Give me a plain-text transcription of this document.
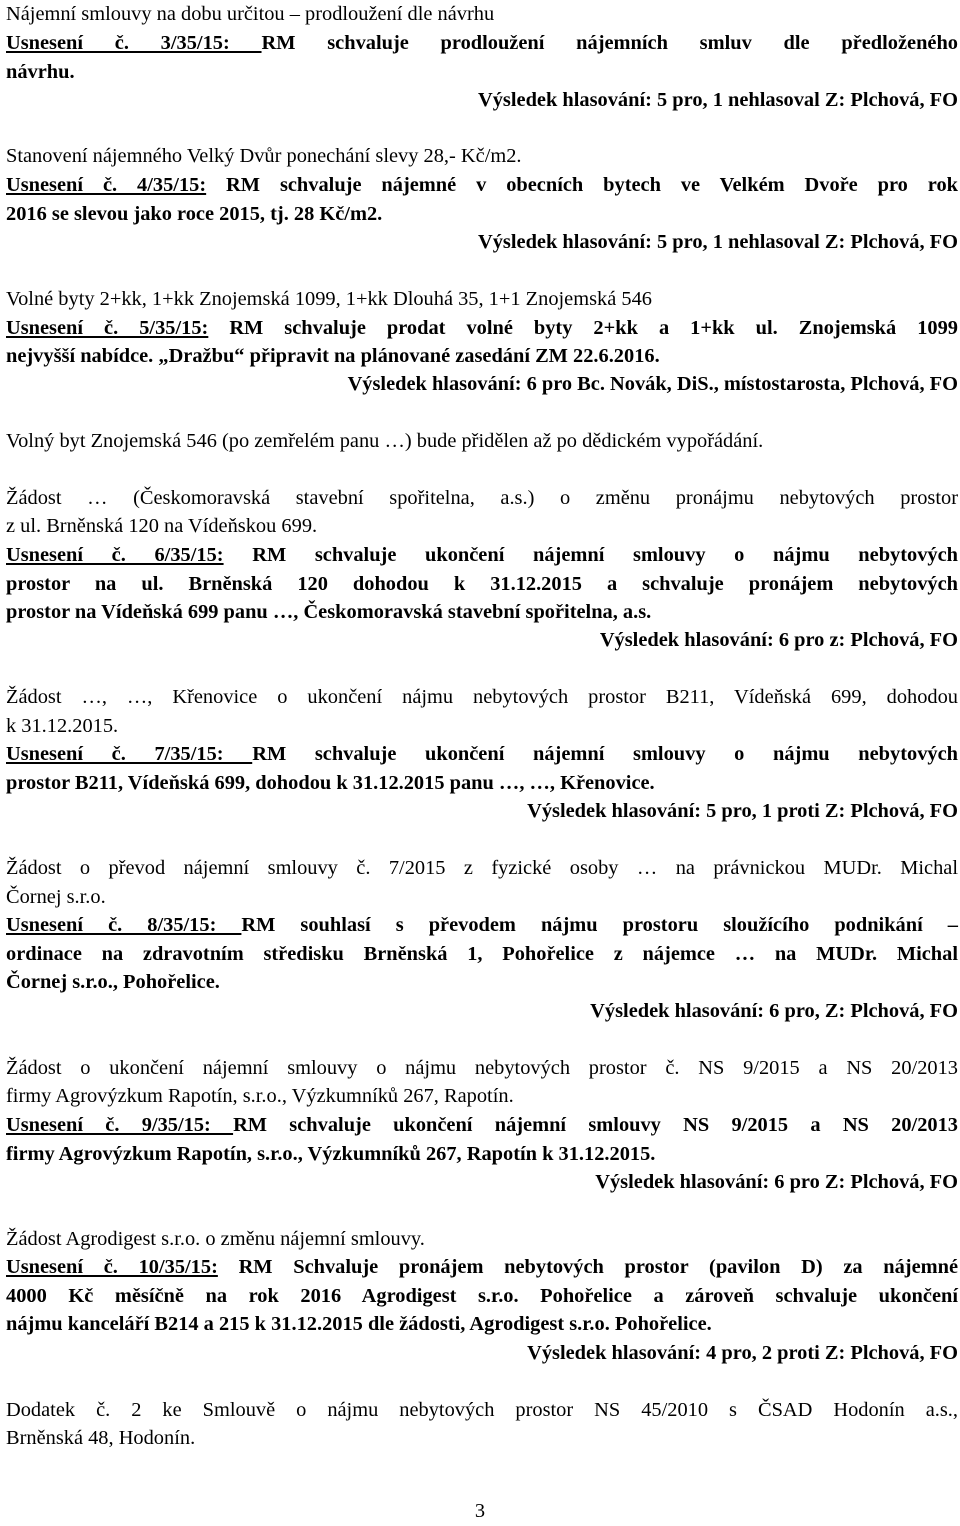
Nájemní smlouvy na dobu určitou – prodloužení dle návrhu
Usnesení č. 3/35/15: RM schvaluje prodloužení nájemních smluv dle předloženého
návrhu.
Výsledek hlasování: 5 pro, 1 nehlasoval Z: Plchová, FO
Stanovení nájemného Velký Dvůr ponechání slevy 28,- Kč/m2.
Usnesení č. 4/35/15: RM schvaluje nájemné v obecních bytech ve Velkém Dvoře pro rok
2016 se slevou jako roce 2015, tj. 28 Kč/m2.
Výsledek hlasování: 5 pro, 1 nehlasoval Z: Plchová, FO
Volné byty 2+kk, 1+kk Znojemská 1099, 1+kk Dlouhá 35, 1+1 Znojemská 546
Usnesení č. 5/35/15: RM schvaluje prodat volné byty 2+kk a 1+kk ul. Znojemská 1099
nejvyšší nabídce. „Dražbu“ připravit na plánované zasedání ZM 22.6.2016.
Výsledek hlasování: 6 pro Bc. Novák, DiS., místostarosta, Plchová, FO
Volný byt Znojemská 546 (po zemřelém panu …) bude přidělen až po dědickém vypořádání.
Žádost … (Českomoravská stavební spořitelna, a.s.) o změnu pronájmu nebytových prostor
z ul. Brněnská 120 na Vídeňskou 699.
Usnesení č. 6/35/15: RM schvaluje ukončení nájemní smlouvy o nájmu nebytových
prostor na ul. Brněnská 120 dohodou k 31.12.2015 a schvaluje pronájem nebytových
prostor na Vídeňská 699 panu …, Českomoravská stavební spořitelna, a.s.
Výsledek hlasování: 6 pro z: Plchová, FO
Žádost …, …, Křenovice o ukončení nájmu nebytových prostor B211, Vídeňská 699, dohodou
k 31.12.2015.
Usnesení č. 7/35/15: RM schvaluje ukončení nájemní smlouvy o nájmu nebytových
prostor B211, Vídeňská 699, dohodou k 31.12.2015 panu …, …, Křenovice.
Výsledek hlasování: 5 pro, 1 proti Z: Plchová, FO
Žádost o převod nájemní smlouvy č. 7/2015 z fyzické osoby … na právnickou MUDr. Michal
Čornej s.r.o.
Usnesení č. 8/35/15: RM souhlasí s převodem nájmu prostoru sloužícího podnikání –
ordinace na zdravotním středisku Brněnská 1, Pohořelice z nájemce … na MUDr. Michal
Čornej s.r.o., Pohořelice.
Výsledek hlasování: 6 pro, Z: Plchová, FO
Žádost o ukončení nájemní smlouvy o nájmu nebytových prostor č. NS 9/2015 a NS 20/2013
firmy Agrovýzkum Rapotín, s.r.o., Výzkumníků 267, Rapotín.
Usnesení č. 9/35/15: RM schvaluje ukončení nájemní smlouvy NS 9/2015 a NS 20/2013
firmy Agrovýzkum Rapotín, s.r.o., Výzkumníků 267, Rapotín k 31.12.2015.
Výsledek hlasování: 6 pro Z: Plchová, FO
Žádost Agrodigest s.r.o. o změnu nájemní smlouvy.
Usnesení č. 10/35/15: RM Schvaluje pronájem nebytových prostor (pavilon D) za nájemné
4000 Kč měsíčně na rok 2016 Agrodigest s.r.o. Pohořelice a zároveň schvaluje ukončení
nájmu kanceláří B214 a 215 k 31.12.2015 dle žádosti, Agrodigest s.r.o. Pohořelice.
Výsledek hlasování: 4 pro, 2 proti Z: Plchová, FO
Dodatek č. 2 ke Smlouvě o nájmu nebytových prostor NS 45/2010 s ČSAD Hodonín a.s.,
Brněnská 48, Hodonín.
3
